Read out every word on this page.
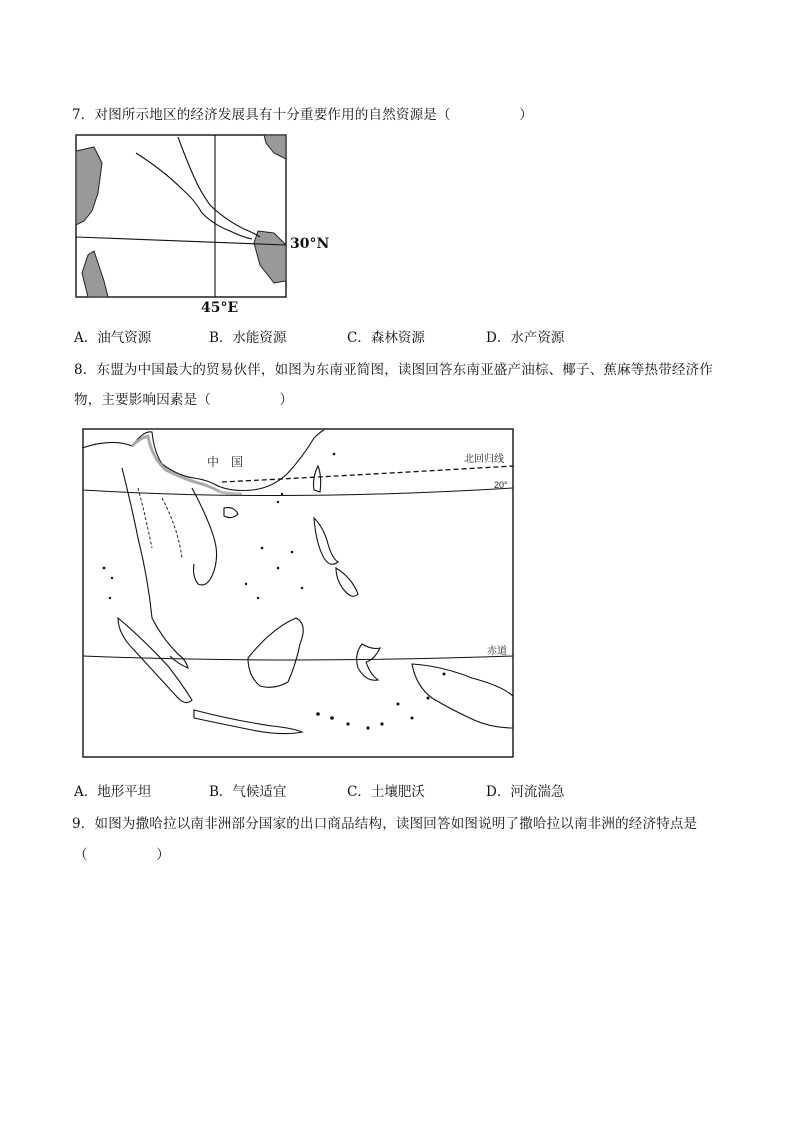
7．对图所示地区的经济发展具有十分重要作用的自然资源是（　　　　　）
30°N
45°E
A．油气资源	B．水能资源	C．森林资源	D．水产资源
8．东盟为中国最大的贸易伙伴，如图为东南亚简图，读图回答东南亚盛产油棕、椰子、蕉麻等热带经济作
物，主要影响因素是（　　　　　）
中　国	北回归线
20°
赤道
A．地形平坦	B．气候适宜	C．土壤肥沃	D．河流湍急
9．如图为撒哈拉以南非洲部分国家的出口商品结构，读图回答如图说明了撒哈拉以南非洲的经济特点是
（　　　　　）
